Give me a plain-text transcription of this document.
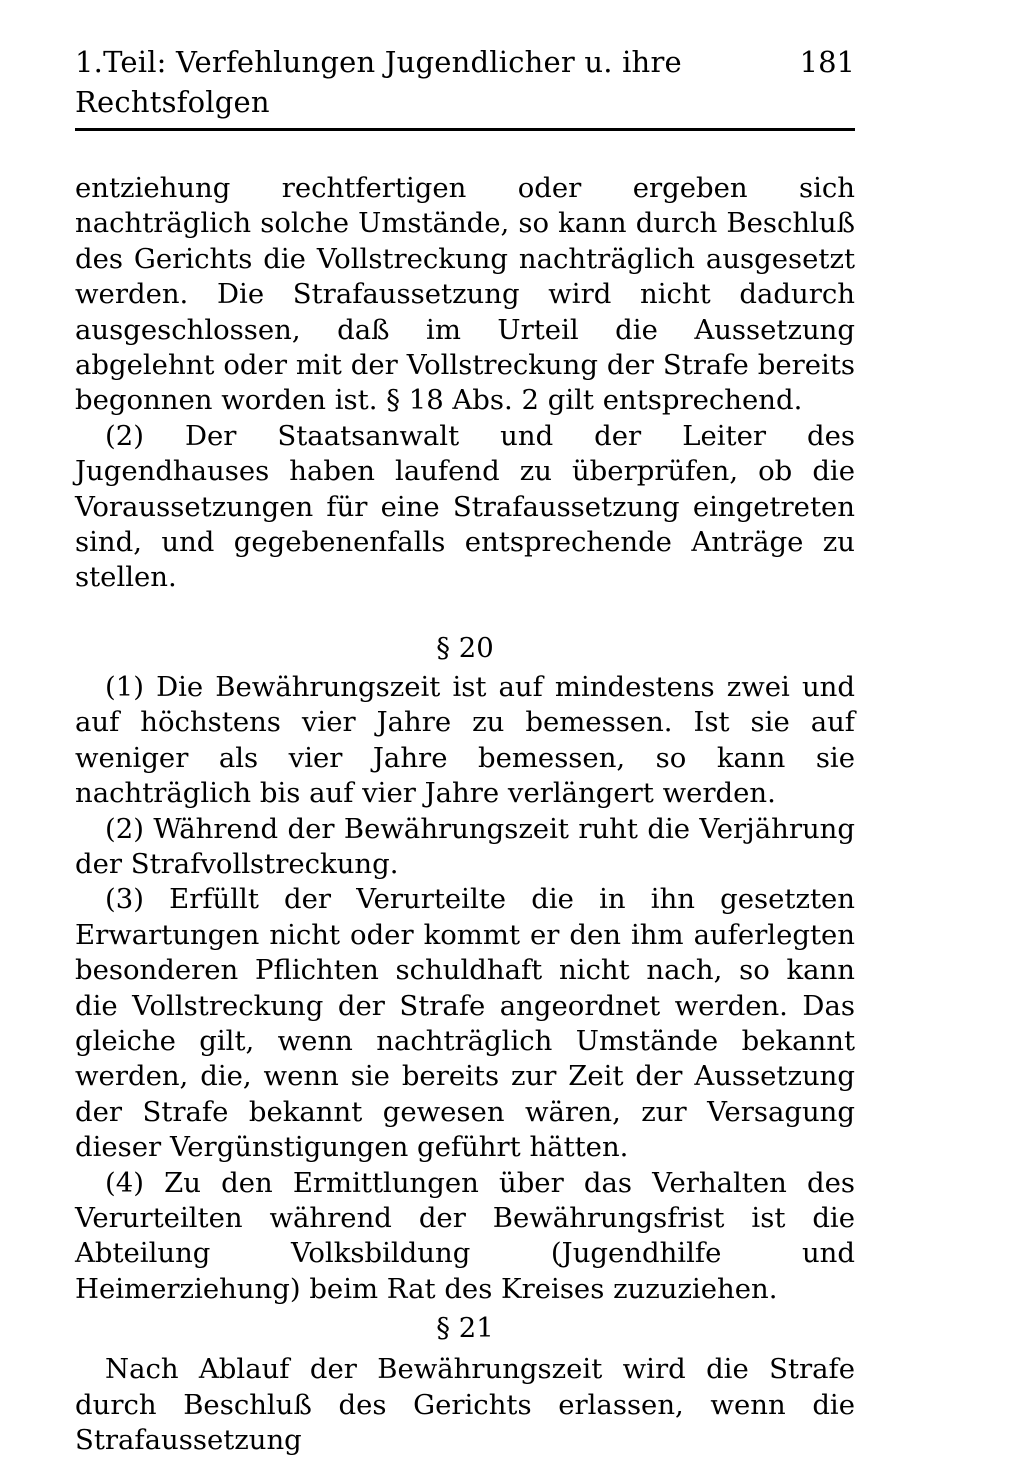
1.Teil: Verfehlungen Jugendlicher u. ihre Rechtsfolgen
181

entziehung rechtfertigen oder ergeben sich nachträglich solche Umstände, so kann durch Beschluß des Gerichts die Vollstreckung nachträglich ausgesetzt werden. Die Strafaussetzung wird nicht dadurch ausgeschlossen, daß im Urteil die Aussetzung abgelehnt oder mit der Vollstreckung der Strafe bereits begonnen worden ist. § 18 Abs. 2 gilt entsprechend.

(2) Der Staatsanwalt und der Leiter des Jugendhauses haben laufend zu überprüfen, ob die Voraussetzungen für eine Strafaussetzung eingetreten sind, und gegebenenfalls entsprechende Anträge zu stellen.

§ 20

(1) Die Bewährungszeit ist auf mindestens zwei und auf höchstens vier Jahre zu bemessen. Ist sie auf weniger als vier Jahre bemessen, so kann sie nachträglich bis auf vier Jahre verlängert werden.

(2) Während der Bewährungszeit ruht die Verjährung der Strafvollstreckung.

(3) Erfüllt der Verurteilte die in ihn gesetzten Erwartungen nicht oder kommt er den ihm auferlegten besonderen Pflichten schuldhaft nicht nach, so kann die Vollstreckung der Strafe angeordnet werden. Das gleiche gilt, wenn nachträglich Umstände bekannt werden, die, wenn sie bereits zur Zeit der Aussetzung der Strafe bekannt gewesen wären, zur Versagung dieser Vergünstigungen geführt hätten.

(4) Zu den Ermittlungen über das Verhalten des Verurteilten während der Bewährungsfrist ist die Abteilung Volksbildung (Jugendhilfe und Heimerziehung) beim Rat des Kreises zuzuziehen.

§ 21

Nach Ablauf der Bewährungszeit wird die Strafe durch Beschluß des Gerichts erlassen, wenn die Strafaussetzung
